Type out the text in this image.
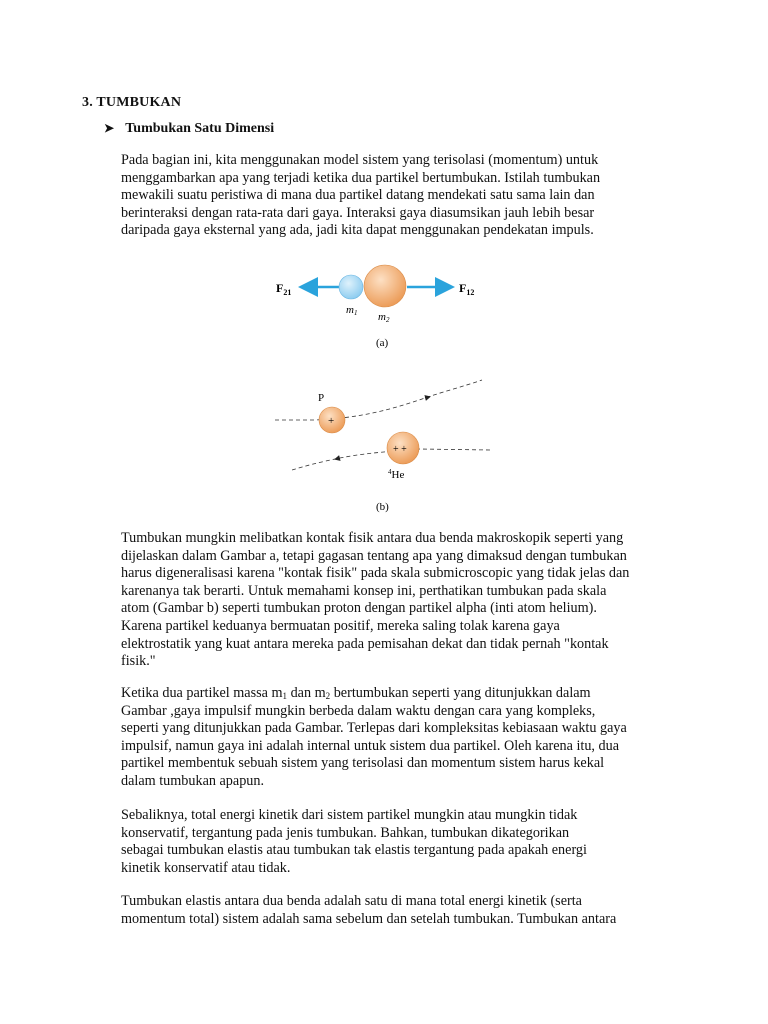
3. TUMBUKAN
➤ Tumbukan Satu Dimensi

Pada bagian ini, kita menggunakan model sistem yang terisolasi (momentum) untuk
menggambarkan apa yang terjadi ketika dua partikel bertumbukan. Istilah tumbukan
mewakili suatu peristiwa di mana dua partikel datang mendekati satu sama lain dan
berinteraksi dengan rata-rata dari gaya. Interaksi gaya diasumsikan jauh lebih besar
daripada gaya eksternal yang ada, jadi kita dapat menggunakan pendekatan impuls.

$F_{21}$	$F_{12}$
m1 m2
(a)
P
+
+ +
$^4$He
(b)

Tumbukan mungkin melibatkan kontak fisik antara dua benda makroskopik seperti yang
dijelaskan dalam Gambar a, tetapi gagasan tentang apa yang dimaksud dengan tumbukan
harus digeneralisasi karena "kontak fisik" pada skala submicroscopic yang tidak jelas dan
karenanya tak berarti. Untuk memahami konsep ini, perthatikan tumbukan pada skala
atom (Gambar b) seperti tumbukan proton dengan partikel alpha (inti atom helium).
Karena partikel keduanya bermuatan positif, mereka saling tolak karena gaya
elektrostatik yang kuat antara mereka pada pemisahan dekat dan tidak pernah "kontak
fisik."

Ketika dua partikel massa $m_1$ dan $m_2$ bertumbukan seperti yang ditunjukkan dalam
Gambar ,gaya impulsif mungkin berbeda dalam waktu dengan cara yang kompleks,
seperti yang ditunjukkan pada Gambar. Terlepas dari kompleksitas kebiasaan waktu gaya
impulsif, namun gaya ini adalah internal untuk sistem dua partikel. Oleh karena itu, dua
partikel membentuk sebuah sistem yang terisolasi dan momentum sistem harus kekal
dalam tumbukan apapun.

Sebaliknya, total energi kinetik dari sistem partikel mungkin atau mungkin tidak
konservatif, tergantung pada jenis tumbukan. Bahkan, tumbukan dikategorikan
sebagai tumbukan elastis atau tumbukan tak elastis tergantung pada apakah energi
kinetik konservatif atau tidak.

Tumbukan elastis antara dua benda adalah satu di mana total energi kinetik (serta
momentum total) sistem adalah sama sebelum dan setelah tumbukan. Tumbukan antara
